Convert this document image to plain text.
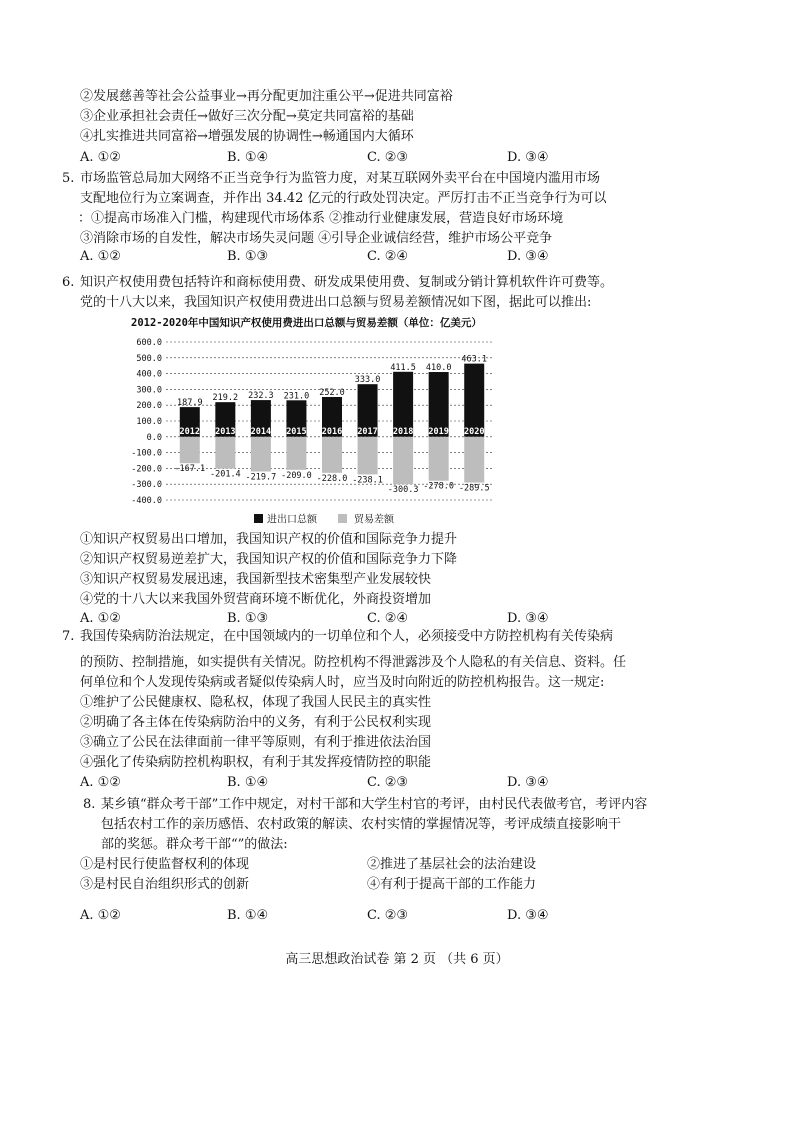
②发展慈善等社会公益事业→再分配更加注重公平→促进共同富裕
③企业承担社会责任→做好三次分配→莫定共同富裕的基础
④扎实推进共同富裕→增强发展的协调性→畅通国内大循环
A. ①②	B. ①④	C. ②③	D. ③④
5. 市场监管总局加大网络不正当竞争行为监管力度，对某互联网外卖平台在中国境内滥用市场
支配地位行为立案调查，并作出 34.42 亿元的行政处罚决定。严厉打击不正当竞争行为可以
：①提高市场准入门槛，构建现代市场体系 ②推动行业健康发展，营造良好市场环境
③消除市场的自发性，解决市场失灵问题 ④引导企业诚信经营，维护市场公平竞争
A. ①②	B. ①③	C. ②④	D. ③④
6. 知识产权使用费包括特许和商标使用费、研发成果使用费、复制或分销计算机软件许可费等。
党的十八大以来，我国知识产权使用费进出口总额与贸易差额情况如下图，据此可以推出:
2012-2020年中国知识产权使用费进出口总额与贸易差额（单位：亿美元）
600.0
500.0
400.0
300.0
200.0
100.0
0.0
-100.0
-200.0
-300.0
-400.0
2012
187.9
-167.1
2013
219.2
-201.4
2014
232.3
-219.7
2015
231.0
-209.0
2016
252.0
-228.0
2017
333.0
-238.1
2018
411.5
-300.3
2019
410.0
-278.0
2020
463.1
-289.5
进出口总额	贸易差额
①知识产权贸易出口增加，我国知识产权的价值和国际竞争力提升
②知识产权贸易逆差扩大，我国知识产权的价值和国际竞争力下降
③知识产权贸易发展迅速，我国新型技术密集型产业发展较快
④党的十八大以来我国外贸营商环境不断优化，外商投资增加
A. ①②	B. ①③	C. ②④	D. ③④
7. 我国传染病防治法规定，在中国领域内的一切单位和个人，必须接受中方防控机构有关传染病
的预防、控制措施，如实提供有关情况。防控机构不得泄露涉及个人隐私的有关信息、资料。任
何单位和个人发现传染病或者疑似传染病人时，应当及时向附近的防控机构报告。这一规定:
①维护了公民健康权、隐私权，体现了我国人民民主的真实性
②明确了各主体在传染病防治中的义务，有利于公民权利实现
③确立了公民在法律面前一律平等原则，有利于推进依法治国
④强化了传染病防控机构职权，有利于其发挥疫情防控的职能
A. ①②	B. ①④	C. ②③	D. ③④
8. 某乡镇“群众考干部”工作中规定，对村干部和大学生村官的考评，由村民代表做考官，考评内容
包括农村工作的亲历感悟、农村政策的解读、农村实情的掌握情况等，考评成绩直接影响干
部的奖惩。群众考干部“”的做法:
①是村民行使监督权利的体现	②推进了基层社会的法治建设
③是村民自治组织形式的创新	④有利于提高干部的工作能力
A. ①②	B. ①④	C. ②③	D. ③④
高三思想政治试卷 第 2 页 （共 6 页）
